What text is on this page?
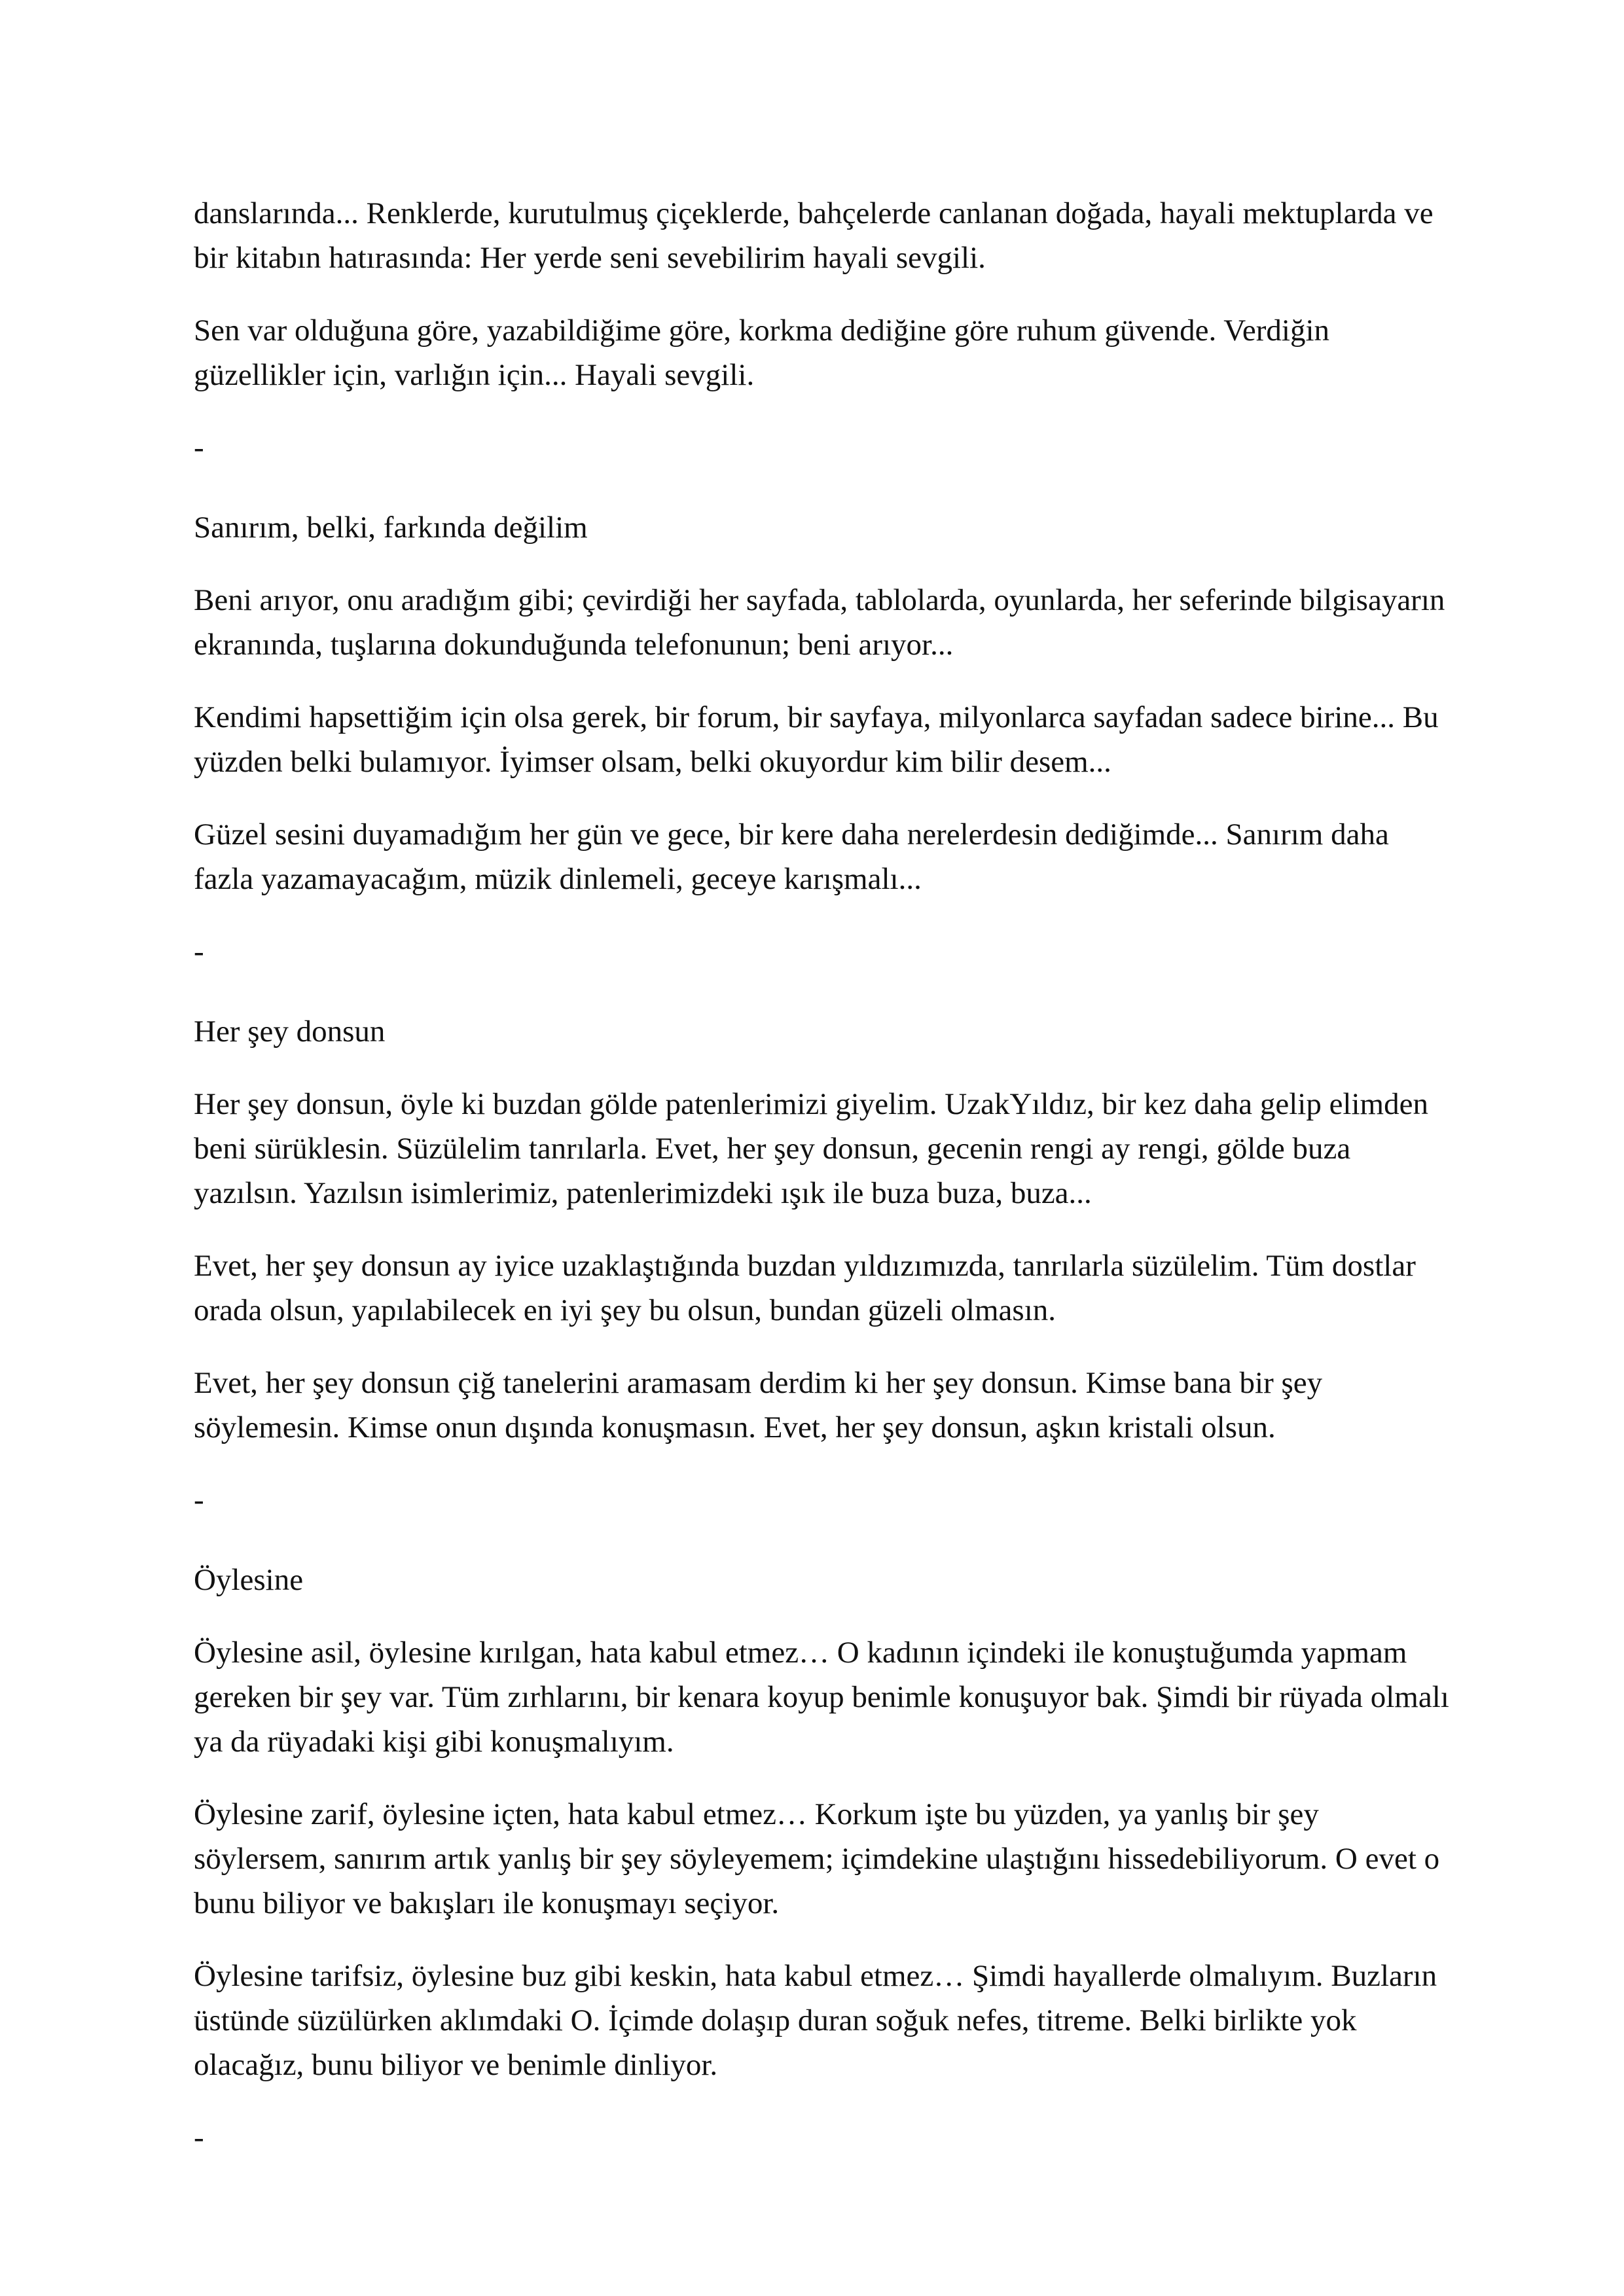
danslarında... Renklerde, kurutulmuş çiçeklerde, bahçelerde canlanan doğada, hayali mektuplarda ve bir kitabın hatırasında: Her yerde seni sevebilirim hayali sevgili.

Sen var olduğuna göre, yazabildiğime göre, korkma dediğine göre ruhum güvende. Verdiğin güzellikler için, varlığın için... Hayali sevgili.

-

Sanırım, belki, farkında değilim

Beni arıyor, onu aradığım gibi; çevirdiği her sayfada, tablolarda, oyunlarda, her seferinde bilgisayarın ekranında, tuşlarına dokunduğunda telefonunun; beni arıyor...

Kendimi hapsettiğim için olsa gerek, bir forum, bir sayfaya, milyonlarca sayfadan sadece birine... Bu yüzden belki bulamıyor. İyimser olsam, belki okuyordur kim bilir desem...

Güzel sesini duyamadığım her gün ve gece, bir kere daha nerelerdesin dediğimde... Sanırım daha fazla yazamayacağım, müzik dinlemeli, geceye karışmalı...

-

Her şey donsun

Her şey donsun, öyle ki buzdan gölde patenlerimizi giyelim. UzakYıldız, bir kez daha gelip elimden beni sürüklesin. Süzülelim tanrılarla. Evet, her şey donsun, gecenin rengi ay rengi, gölde buza yazılsın. Yazılsın isimlerimiz, patenlerimizdeki ışık ile buza buza, buza...

Evet, her şey donsun ay iyice uzaklaştığında buzdan yıldızımızda, tanrılarla süzülelim. Tüm dostlar orada olsun, yapılabilecek en iyi şey bu olsun, bundan güzeli olmasın.

Evet, her şey donsun çiğ tanelerini aramasam derdim ki her şey donsun. Kimse bana bir şey söylemesin. Kimse onun dışında konuşmasın. Evet, her şey donsun, aşkın kristali olsun.

-

Öylesine

Öylesine asil, öylesine kırılgan, hata kabul etmez… O kadının içindeki ile konuştuğumda yapmam gereken bir şey var. Tüm zırhlarını, bir kenara koyup benimle konuşuyor bak. Şimdi bir rüyada olmalı ya da rüyadaki kişi gibi konuşmalıyım.

Öylesine zarif, öylesine içten, hata kabul etmez… Korkum işte bu yüzden, ya yanlış bir şey söylersem, sanırım artık yanlış bir şey söyleyemem; içimdekine ulaştığını hissedebiliyorum. O evet o bunu biliyor ve bakışları ile konuşmayı seçiyor.

Öylesine tarifsiz, öylesine buz gibi keskin, hata kabul etmez… Şimdi hayallerde olmalıyım. Buzların üstünde süzülürken aklımdaki O. İçimde dolaşıp duran soğuk nefes, titreme. Belki birlikte yok olacağız, bunu biliyor ve benimle dinliyor.

-
